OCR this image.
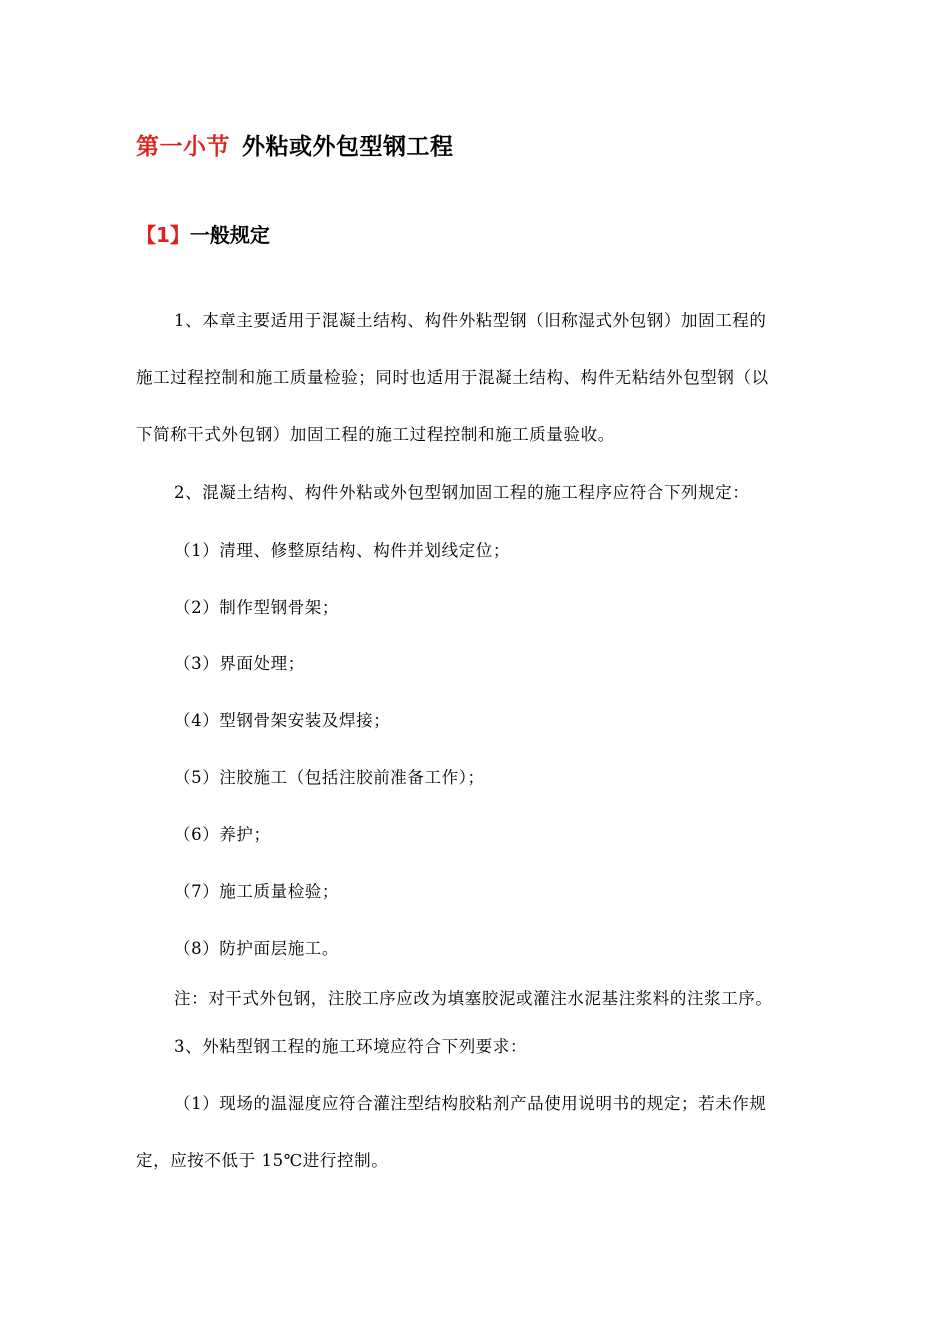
第一小节 外粘或外包型钢工程
【1】一般规定
1、本章主要适用于混凝土结构、构件外粘型钢（旧称湿式外包钢）加固工程的
施工过程控制和施工质量检验；同时也适用于混凝土结构、构件无粘结外包型钢（以
下简称干式外包钢）加固工程的施工过程控制和施工质量验收。
2、混凝土结构、构件外粘或外包型钢加固工程的施工程序应符合下列规定：
（1）清理、修整原结构、构件并划线定位；
（2）制作型钢骨架；
（3）界面处理；
（4）型钢骨架安装及焊接；
（5）注胶施工（包括注胶前准备工作）；
（6）养护；
（7）施工质量检验；
（8）防护面层施工。
注：对干式外包钢，注胶工序应改为填塞胶泥或灌注水泥基注浆料的注浆工序。
3、外粘型钢工程的施工环境应符合下列要求：
（1）现场的温湿度应符合灌注型结构胶粘剂产品使用说明书的规定；若未作规
定，应按不低于 15℃进行控制。
